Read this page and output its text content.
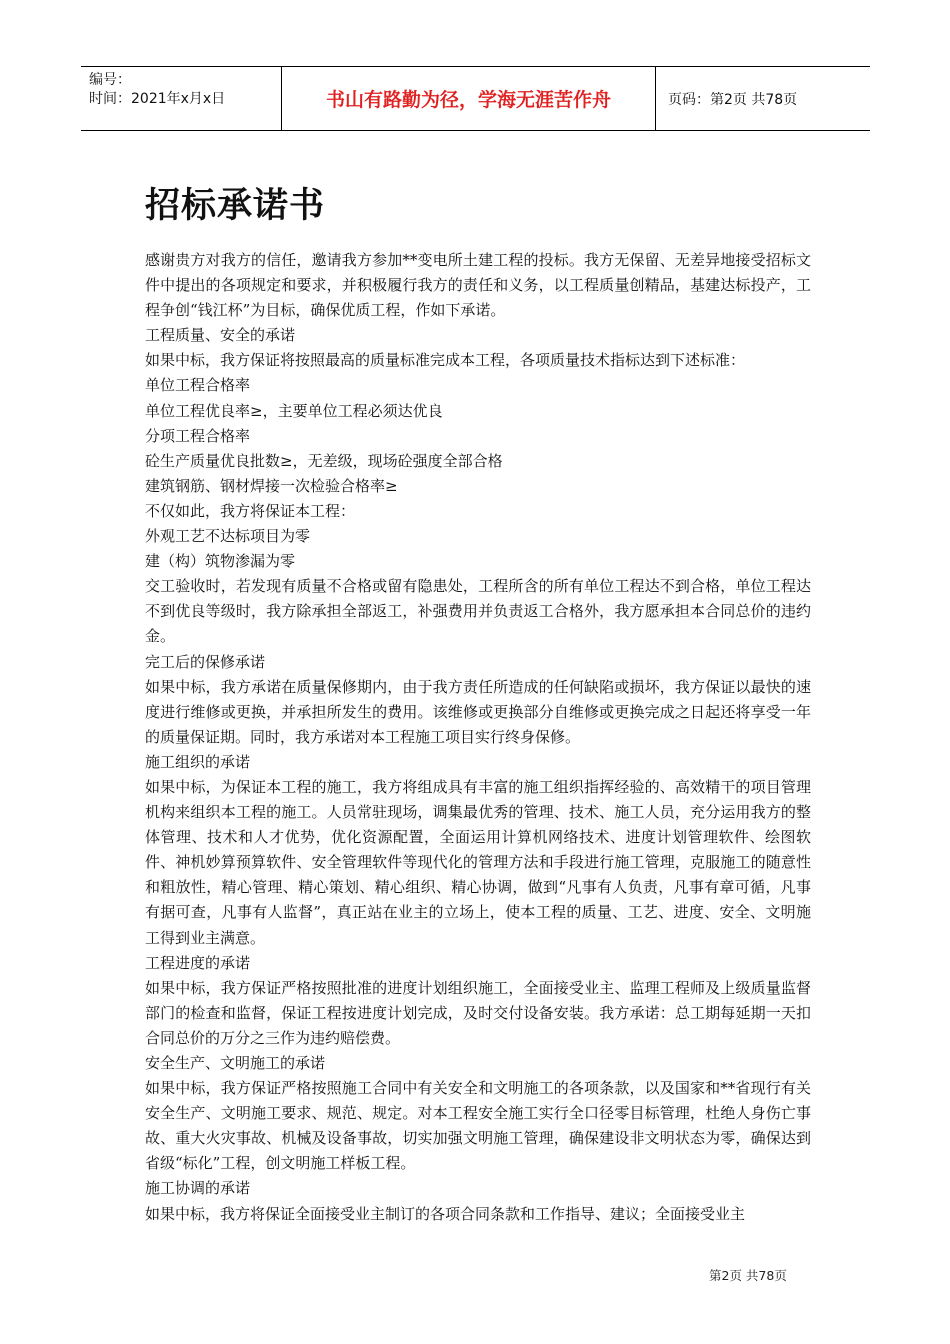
编号：
时间：2021年x月x日	书山有路勤为径，学海无涯苦作舟	页码：第2页 共78页
招标承诺书

感谢贵方对我方的信任，邀请我方参加**变电所土建工程的投标。我方无保留、无差异地接受招标文件中提出的各项规定和要求，并积极履行我方的责任和义务，以工程质量创精品，基建达标投产，工程争创“钱江杯”为目标，确保优质工程，作如下承诺。

工程质量、安全的承诺

如果中标，我方保证将按照最高的质量标准完成本工程，各项质量技术指标达到下述标准：

单位工程合格率

单位工程优良率≥，主要单位工程必须达优良

分项工程合格率

砼生产质量优良批数≥，无差级，现场砼强度全部合格

建筑钢筋、钢材焊接一次检验合格率≥

不仅如此，我方将保证本工程：

外观工艺不达标项目为零

建（构）筑物渗漏为零

交工验收时，若发现有质量不合格或留有隐患处，工程所含的所有单位工程达不到合格，单位工程达不到优良等级时，我方除承担全部返工，补强费用并负责返工合格外，我方愿承担本合同总价的违约金。

完工后的保修承诺

如果中标，我方承诺在质量保修期内，由于我方责任所造成的任何缺陷或损坏，我方保证以最快的速度进行维修或更换，并承担所发生的费用。该维修或更换部分自维修或更换完成之日起还将享受一年的质量保证期。同时，我方承诺对本工程施工项目实行终身保修。

施工组织的承诺

如果中标，为保证本工程的施工，我方将组成具有丰富的施工组织指挥经验的、高效精干的项目管理机构来组织本工程的施工。人员常驻现场，调集最优秀的管理、技术、施工人员，充分运用我方的整体管理、技术和人才优势，优化资源配置，全面运用计算机网络技术、进度计划管理软件、绘图软件、神机妙算预算软件、安全管理软件等现代化的管理方法和手段进行施工管理，克服施工的随意性和粗放性，精心管理、精心策划、精心组织、精心协调，做到“凡事有人负责，凡事有章可循，凡事有据可查，凡事有人监督”，真正站在业主的立场上，使本工程的质量、工艺、进度、安全、文明施工得到业主满意。

工程进度的承诺

如果中标，我方保证严格按照批准的进度计划组织施工，全面接受业主、监理工程师及上级质量监督部门的检查和监督，保证工程按进度计划完成，及时交付设备安装。我方承诺：总工期每延期一天扣合同总价的万分之三作为违约赔偿费。

安全生产、文明施工的承诺

如果中标，我方保证严格按照施工合同中有关安全和文明施工的各项条款，以及国家和**省现行有关安全生产、文明施工要求、规范、规定。对本工程安全施工实行全口径零目标管理，杜绝人身伤亡事故、重大火灾事故、机械及设备事故，切实加强文明施工管理，确保建设非文明状态为零，确保达到省级“标化”工程，创文明施工样板工程。

施工协调的承诺

如果中标，我方将保证全面接受业主制订的各项合同条款和工作指导、建议；全面接受业主

第2页 共78页
